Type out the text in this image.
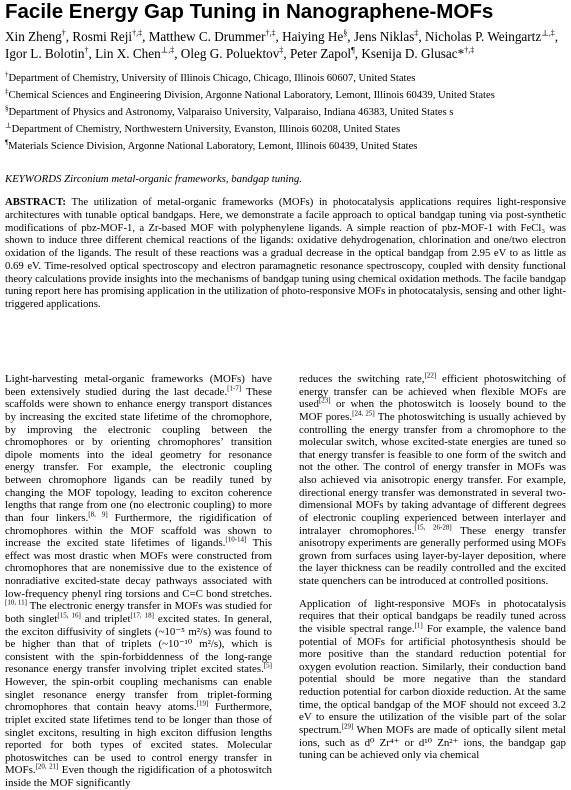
Facile Energy Gap Tuning in Nanographene-MOFs
Xin Zheng†, Rosmi Reji†,‡, Matthew C. Drummer†,‡, Haiying He§, Jens Niklas‡, Nicholas P. Weingartz⊥,‡, Igor L. Bolotin†, Lin X. Chen⊥,‡, Oleg G. Poluektov‡, Peter Zapol¶, Ksenija D. Glusac*†,‡
†Department of Chemistry, University of Illinois Chicago, Chicago, Illinois 60607, United States
‡Chemical Sciences and Engineering Division, Argonne National Laboratory, Lemont, Illinois 60439, United States
§Department of Physics and Astronomy, Valparaiso University, Valparaiso, Indiana 46383, United States s
⊥Department of Chemistry, Northwestern University, Evanston, Illinois 60208, United States
¶Materials Science Division, Argonne National Laboratory, Lemont, Illinois 60439, United States
KEYWORDS Zirconium metal-organic frameworks, bandgap tuning.
ABSTRACT: The utilization of metal-organic frameworks (MOFs) in photocatalysis applications requires light-responsive architectures with tunable optical bandgaps. Here, we demonstrate a facile approach to optical bandgap tuning via post-synthetic modifications of pbz-MOF-1, a Zr-based MOF with polyphenylene ligands. A simple reaction of pbz-MOF-1 with FeCl₃ was shown to induce three different chemical reactions of the ligands: oxidative dehydrogenation, chlorination and one/two electron oxidation of the ligands. The result of these reactions was a gradual decrease in the optical bandgap from 2.95 eV to as little as 0.69 eV. Time-resolved optical spectroscopy and electron paramagnetic resonance spectroscopy, coupled with density functional theory calculations provide insights into the mechanisms of bandgap tuning using chemical oxidation methods. The facile bandgap tuning report here has promising application in the utilization of photo-responsive MOFs in photocatalysis, sensing and other light-triggered applications.

Light-harvesting metal-organic frameworks (MOFs) have been extensively studied during the last decade.[1-7] These scaffolds were shown to enhance energy transport distances by increasing the excited state lifetime of the chromophore, by improving the electronic coupling between the chromophores or by orienting chromophores’ transition dipole moments into the ideal geometry for resonance energy transfer. For example, the electronic coupling between chromophore ligands can be readily tuned by changing the MOF topology, leading to exciton coherence lengths that range from one (no electronic coupling) to more than four linkers.[8, 9] Furthermore, the rigidification of chromophores within the MOF scaffold was shown to increase the excited state lifetimes of ligands.[10-14] This effect was most drastic when MOFs were constructed from chromophores that are nonemissive due to the existence of nonradiative excited-state decay pathways associated with low-frequency phenyl ring torsions and C=C bond stretches.[10, 11] The electronic energy transfer in MOFs was studied for both singlet[15, 16] and triplet[17, 18] excited states. In general, the exciton diffusivity of singlets (~10⁻⁵ m²/s) was found to be higher than that of triplets (~10⁻¹⁰ m²/s), which is consistent with the spin-forbiddenness of the long-range resonance energy transfer involving triplet excited states.[5] However, the spin-orbit coupling mechanisms can enable singlet resonance energy transfer from triplet-forming chromophores that contain heavy atoms.[19] Furthermore, triplet excited state lifetimes tend to be longer than those of singlet excitons, resulting in high exciton diffusion lengths reported for both types of excited states. Molecular photoswitches can be used to control energy transfer in MOFs.[20, 21] Even though the rigidification of a photoswitch inside the MOF significantly

reduces the switching rate,[22] efficient photoswitching of energy transfer can be achieved when flexible MOFs are used[23] or when the photoswitch is loosely bound to the MOF pores.[24, 25] The photoswitching is usually achieved by controlling the energy transfer from a chromophore to the molecular switch, whose excited-state energies are tuned so that energy transfer is feasible to one form of the switch and not the other. The control of energy transfer in MOFs was also achieved via anisotropic energy transfer. For example, directional energy transfer was demonstrated in several two-dimensional MOFs by taking advantage of different degrees of electronic coupling experienced between interlayer and intralayer chromophores.[15, 26-28] These energy transfer anisotropy experiments are generally performed using MOFs grown from surfaces using layer-by-layer deposition, where the layer thickness can be readily controlled and the excited state quenchers can be introduced at controlled positions.

Application of light-responsive MOFs in photocatalysis requires that their optical bandgaps be readily tuned across the visible spectral range.[1] For example, the valence band potential of MOFs for artificial photosynthesis should be more positive than the standard reduction potential for oxygen evolution reaction. Similarly, their conduction band potential should be more negative than the standard reduction potential for carbon dioxide reduction. At the same time, the optical bandgap of the MOF should not exceed 3.2 eV to ensure the utilization of the visible part of the solar spectrum.[29] When MOFs are made of optically silent metal ions, such as d⁰ Zr⁴⁺ or d¹⁰ Zn²⁺ ions, the bandgap gap tuning can be achieved only via chemical
